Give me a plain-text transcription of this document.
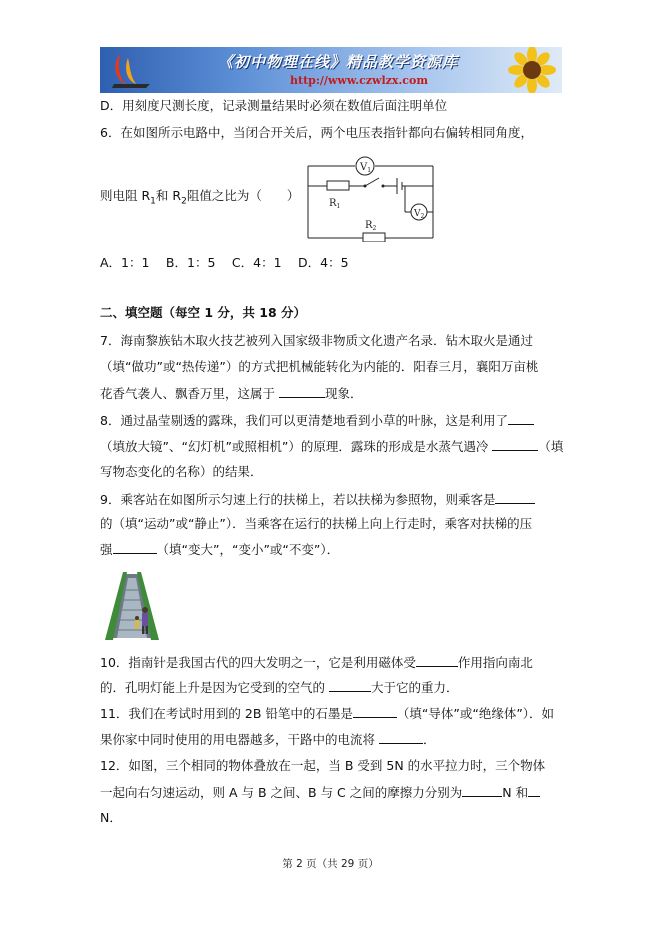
《初中物理在线》精品教学资源库
http://www.czwlzx.com
D．用刻度尺测长度，记录测量结果时必须在数值后面注明单位
6．在如图所示电路中，当闭合开关后，两个电压表指针都向右偏转相同角度，
则电阻 $R_1$和 $R_2$阻值之比为（　　）
$V_1$
$V_2$
$R_1$
$R_2$
A．1：1　 B．1：5　 C．4：1　 D．4：5
二、填空题（每空 1 分，共 18 分）
7．海南黎族钻木取火技艺被列入国家级非物质文化遗产名录．钻木取火是通过
（填“做功”或“热传递”）的方式把机械能转化为内能的．阳春三月，襄阳万亩桃
花香气袭人、飘香万里，这属于	现象．
8．通过晶莹剔透的露珠，我们可以更清楚地看到小草的叶脉，这是利用了
（填放大镜”、“幻灯机”或照相机”）的原理．露珠的形成是水蒸气遇冷	（填
写物态变化的名称）的结果．
9．乘客站在如图所示匀速上行的扶梯上，若以扶梯为参照物，则乘客是
的（填“运动”或“静止”）．当乘客在运行的扶梯上向上行走时，乘客对扶梯的压
强	（填“变大”，“变小”或“不变”）．
10．指南针是我国古代的四大发明之一，它是利用磁体受	作用指向南北
的．孔明灯能上升是因为它受到的空气的	大于它的重力．
11．我们在考试时用到的 2B 铅笔中的石墨是	（填“导体”或“绝缘体”）．如
果你家中同时使用的用电器越多，干路中的电流将	．
12．如图，三个相同的物体叠放在一起，当 B 受到 5N 的水平拉力时，三个物体
一起向右匀速运动，则 A 与 B 之间、B 与 C 之间的摩擦力分别为	N 和
N．
第 2 页（共 29 页）
